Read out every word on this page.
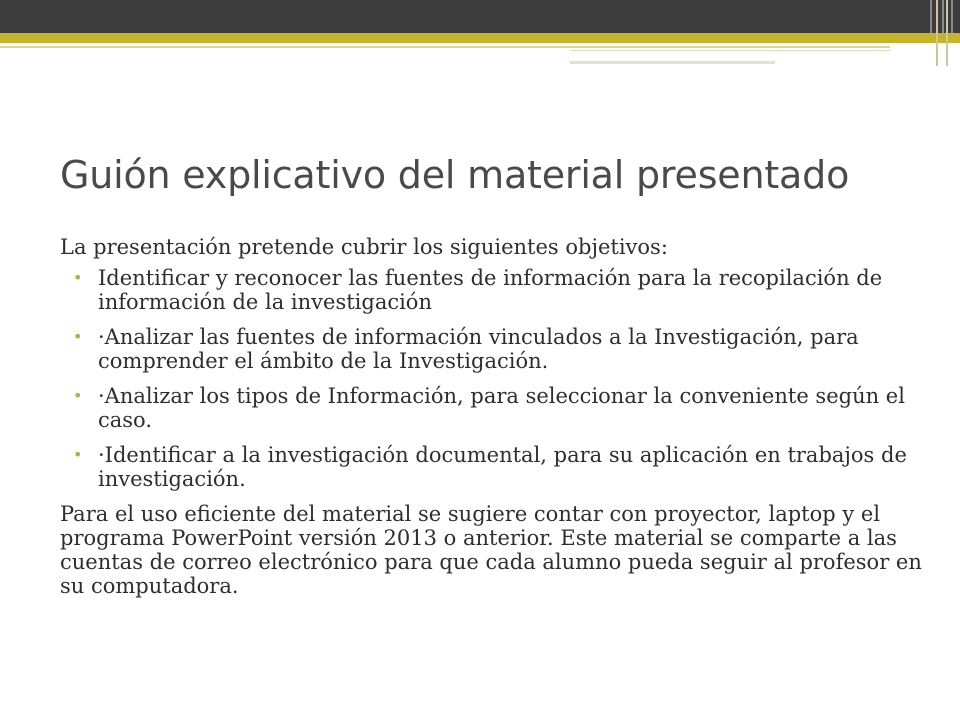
Guión explicativo del material presentado
La presentación pretende cubrir los siguientes objetivos:
• Identificar y reconocer las fuentes de información para la recopilación de información de la investigación
• ·Analizar las fuentes de información vinculados a la Investigación, para comprender el ámbito de la Investigación.
• ·Analizar los tipos de Información, para seleccionar la conveniente según el caso.
• ·Identificar a la investigación documental, para su aplicación en trabajos de investigación.
Para el uso eficiente del material se sugiere contar con proyector, laptop y el programa PowerPoint versión 2013 o anterior. Este material se comparte a las cuentas de correo electrónico para que cada alumno pueda seguir al profesor en su computadora.
